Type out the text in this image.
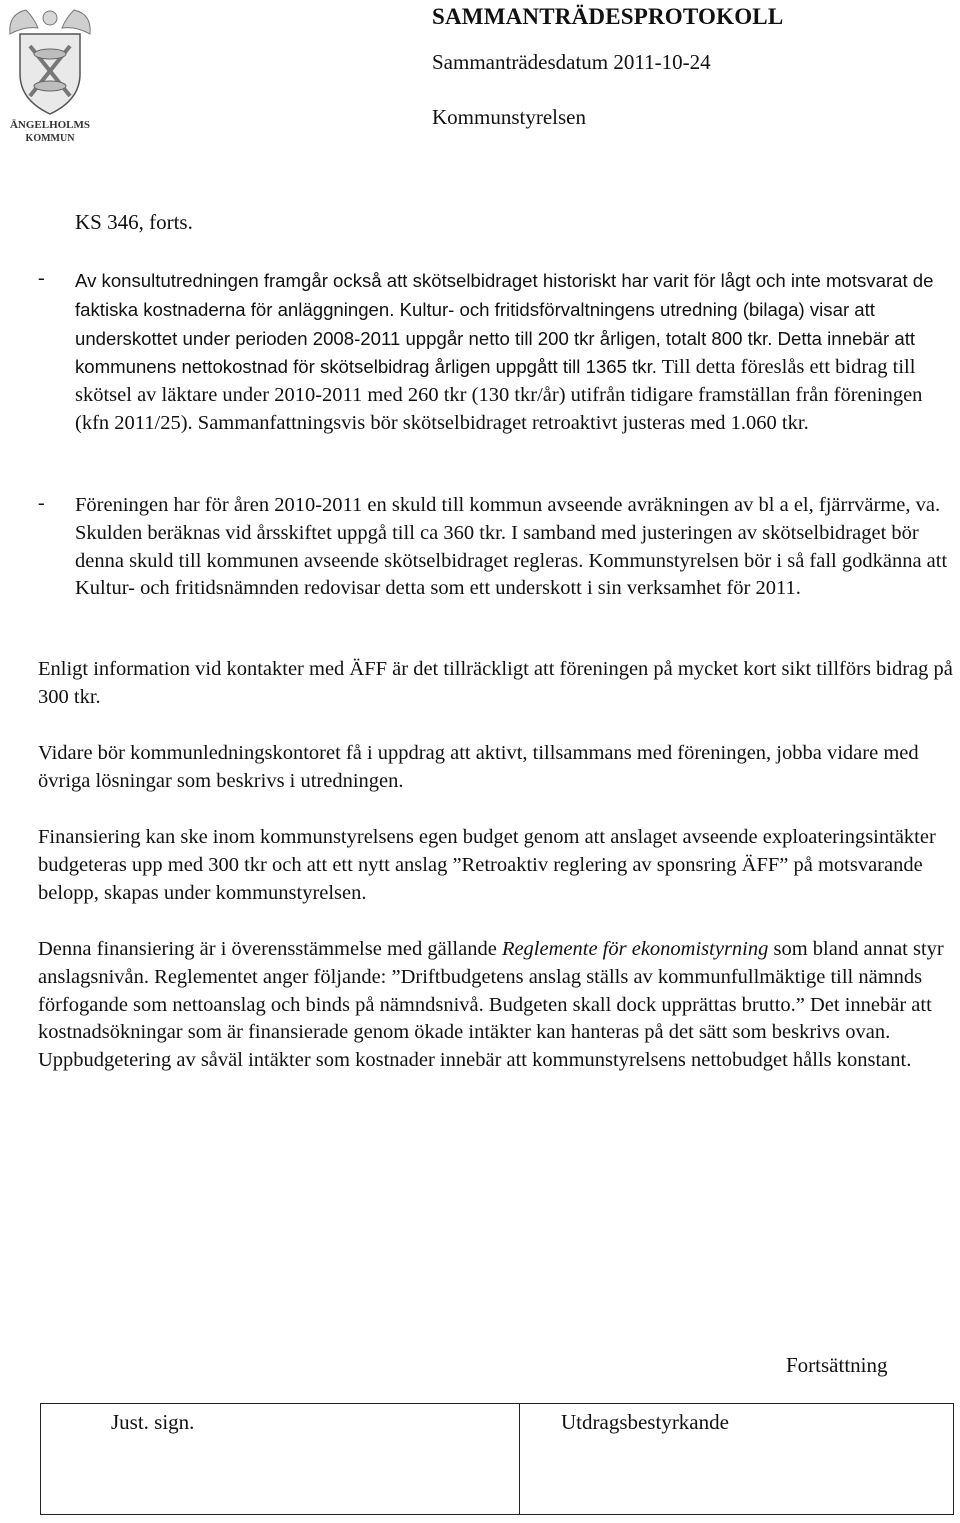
ÄNGELHOLMS
KOMMUN
SAMMANTRÄDESPROTOKOLL
Sammanträdesdatum 2011-10-24
Kommunstyrelsen
KS 346, forts.
- Av konsultutredningen framgår också att skötselbidraget historiskt har varit för lågt och inte motsvarat de faktiska kostnaderna för anläggningen. Kultur- och fritidsförvaltningens utredning (bilaga) visar att underskottet under perioden 2008-2011 uppgår netto till 200 tkr årligen, totalt 800 tkr. Detta innebär att kommunens nettokostnad för skötselbidrag årligen uppgått till 1365 tkr. Till detta föreslås ett bidrag till skötsel av läktare under 2010-2011 med 260 tkr (130 tkr/år) utifrån tidigare framställan från föreningen (kfn 2011/25). Sammanfattningsvis bör skötselbidraget retroaktivt justeras med 1.060 tkr.
- Föreningen har för åren 2010-2011 en skuld till kommun avseende avräkningen av bl a el, fjärrvärme, va. Skulden beräknas vid årsskiftet uppgå till ca 360 tkr. I samband med justeringen av skötselbidraget bör denna skuld till kommunen avseende skötselbidraget regleras. Kommunstyrelsen bör i så fall godkänna att Kultur- och fritidsnämnden redovisar detta som ett underskott i sin verksamhet för 2011.
Enligt information vid kontakter med ÄFF är det tillräckligt att föreningen på mycket kort sikt tillförs bidrag på 300 tkr.
Vidare bör kommunledningskontoret få i uppdrag att aktivt, tillsammans med föreningen, jobba vidare med övriga lösningar som beskrivs i utredningen.
Finansiering kan ske inom kommunstyrelsens egen budget genom att anslaget avseende exploateringsintäkter budgeteras upp med 300 tkr och att ett nytt anslag ”Retroaktiv reglering av sponsring ÄFF” på motsvarande belopp, skapas under kommunstyrelsen.
Denna finansiering är i överensstämmelse med gällande Reglemente för ekonomistyrning som bland annat styr anslagsnivån. Reglementet anger följande: ”Driftbudgetens anslag ställs av kommunfullmäktige till nämnds förfogande som nettoanslag och binds på nämndsnivå. Budgeten skall dock upprättas brutto.” Det innebär att kostnadsökningar som är finansierade genom ökade intäkter kan hanteras på det sätt som beskrivs ovan. Uppbudgetering av såväl intäkter som kostnader innebär att kommunstyrelsens nettobudget hålls konstant.
Fortsättning
Just. sign.	Utdragsbestyrkande
